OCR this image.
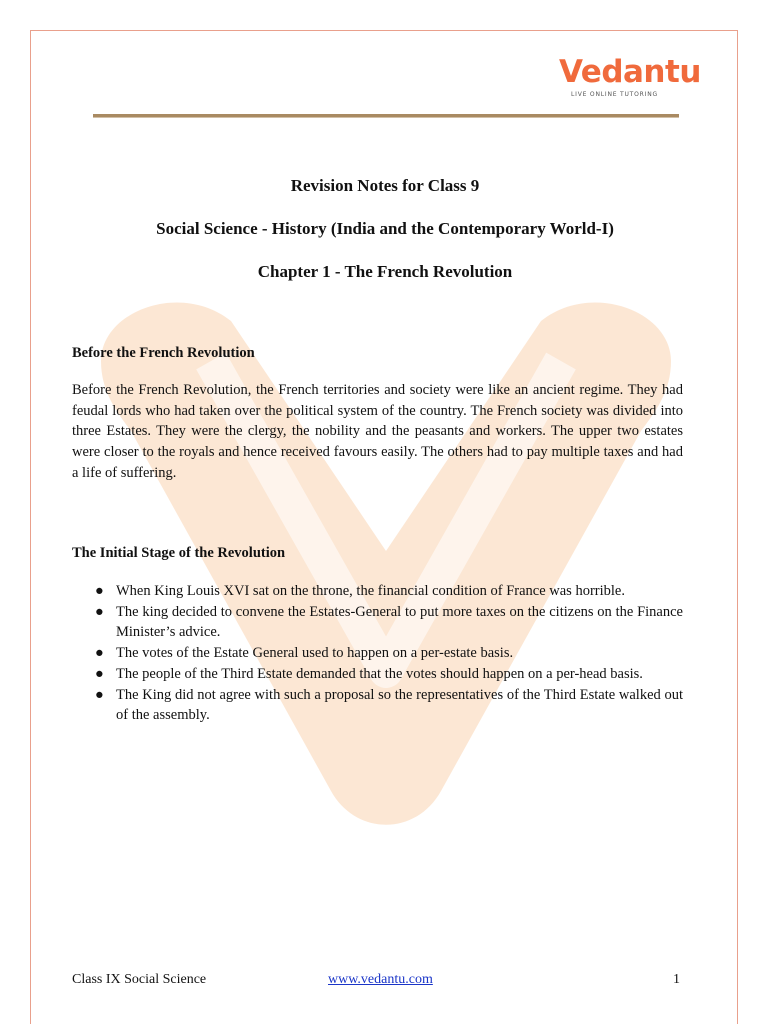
Vedantu
LIVE ONLINE TUTORING
Revision Notes for Class 9
Social Science - History (India and the Contemporary World-I)
Chapter 1 - The French Revolution
Before the French Revolution

Before the French Revolution, the French territories and society were like an ancient regime. They had feudal lords who had taken over the political system of the country. The French society was divided into three Estates. They were the clergy, the nobility and the peasants and workers. The upper two estates were closer to the royals and hence received favours easily. The others had to pay multiple taxes and had a life of suffering.

The Initial Stage of the Revolution
● When King Louis XVI sat on the throne, the financial condition of France was horrible.
● The king decided to convene the Estates-General to put more taxes on the citizens on the Finance Minister’s advice.
● The votes of the Estate General used to happen on a per-estate basis.
● The people of the Third Estate demanded that the votes should happen on a per-head basis.
● The King did not agree with such a proposal so the representatives of the Third Estate walked out of the assembly.
Class IX Social Science	www.vedantu.com	1
